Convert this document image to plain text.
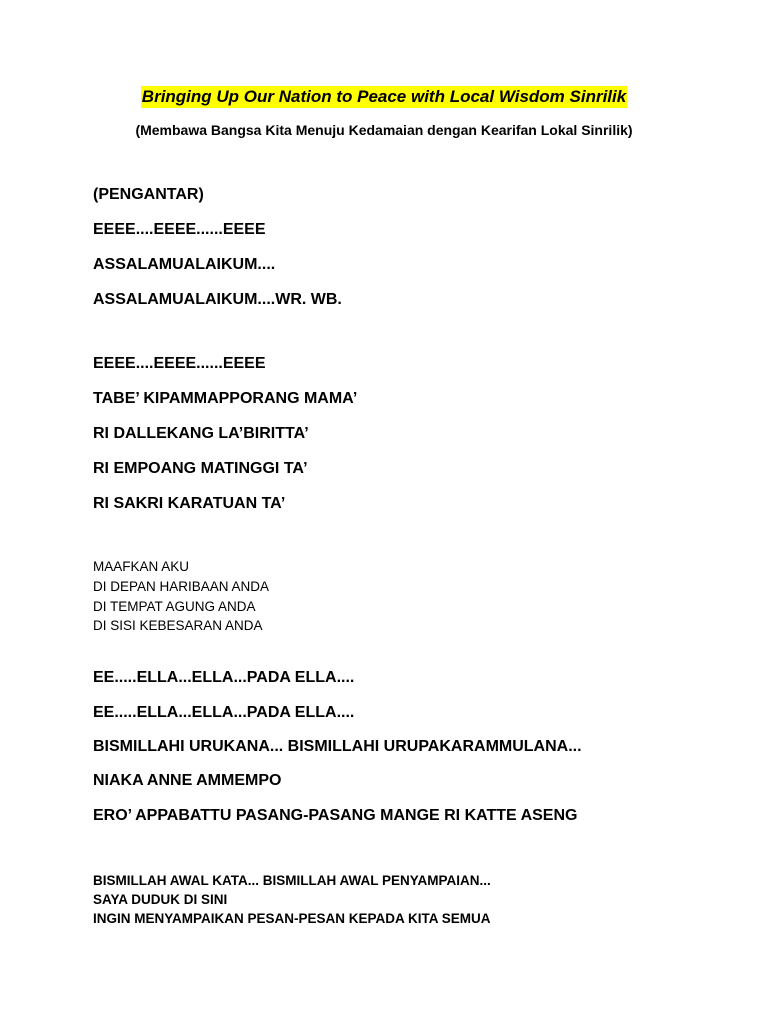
Bringing Up Our Nation to Peace with Local Wisdom Sinrilik
(Membawa Bangsa Kita Menuju Kedamaian dengan Kearifan Lokal Sinrilik)
(PENGANTAR)
EEEE....EEEE......EEEE
ASSALAMUALAIKUM....
ASSALAMUALAIKUM....WR. WB.
EEEE....EEEE......EEEE
TABE’ KIPAMMAPPORANG MAMA’
RI DALLEKANG LA’BIRITTA’
RI EMPOANG MATINGGI TA’
RI SAKRI KARATUAN TA’
MAAFKAN AKU
DI DEPAN HARIBAAN ANDA
DI TEMPAT AGUNG ANDA
DI SISI KEBESARAN ANDA
EE.....ELLA...ELLA...PADA ELLA....
EE.....ELLA...ELLA...PADA ELLA....
BISMILLAHI URUKANA... BISMILLAHI URUPAKARAMMULANA...
NIAKA ANNE AMMEMPO
ERO’ APPABATTU PASANG-PASANG MANGE RI KATTE ASENG
BISMILLAH AWAL KATA... BISMILLAH AWAL PENYAMPAIAN...
SAYA DUDUK DI SINI
INGIN MENYAMPAIKAN PESAN-PESAN KEPADA KITA SEMUA
